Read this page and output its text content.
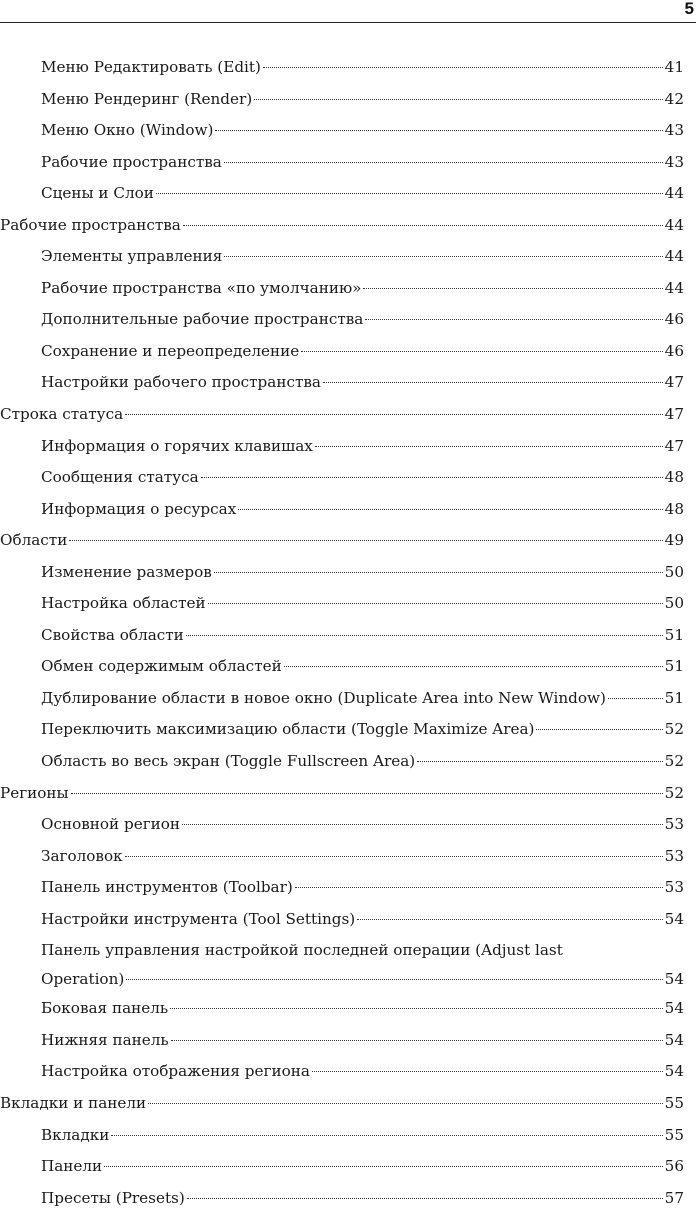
5
Меню Редактировать (Edit)	41
Меню Рендеринг (Render)	42
Меню Окно (Window)	43
Рабочие пространства	43
Сцены и Слои	44
Рабочие пространства	44
Элементы управления	44
Рабочие пространства «по умолчанию»	44
Дополнительные рабочие пространства	46
Сохранение и переопределение	46
Настройки рабочего пространства	47
Строка статуса	47
Информация о горячих клавишах	47
Сообщения статуса	48
Информация о ресурсах	48
Области	49
Изменение размеров	50
Настройка областей	50
Свойства области	51
Обмен содержимым областей	51
Дублирование области в новое окно (Duplicate Area into New Window)	51
Переключить максимизацию области (Toggle Maximize Area)	52
Область во весь экран (Toggle Fullscreen Area)	52
Регионы	52
Основной регион	53
Заголовок	53
Панель инструментов (Toolbar)	53
Настройки инструмента (Tool Settings)	54
Панель управления настройкой последней операции (Adjust last
Operation)	54
Боковая панель	54
Нижняя панель	54
Настройка отображения региона	54
Вкладки и панели	55
Вкладки	55
Панели	56
Пресеты (Presets)	57
